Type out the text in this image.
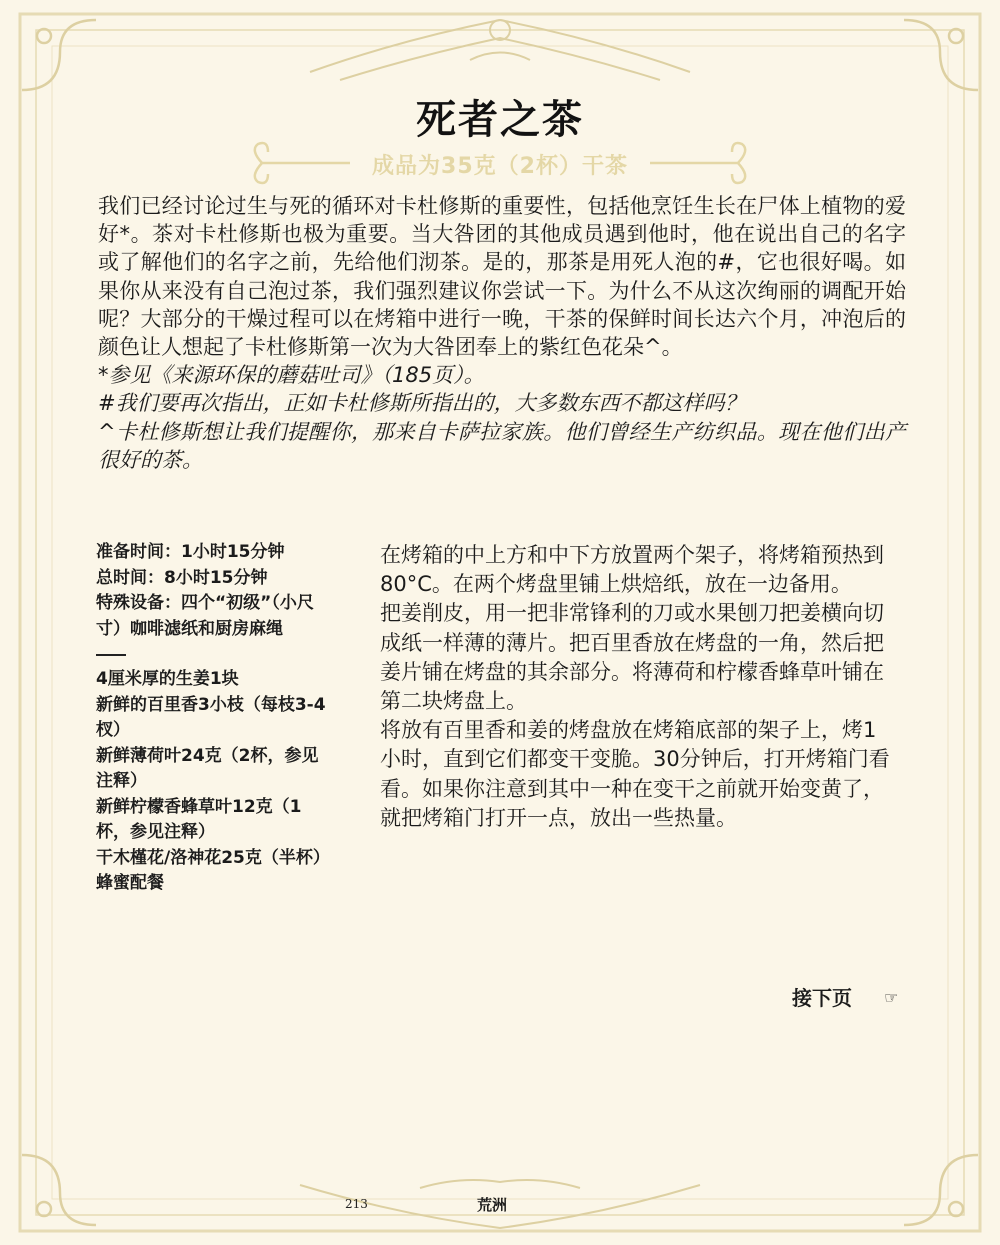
死者之茶
成品为35克（2杯）干茶

我们已经讨论过生与死的循环对卡杜修斯的重要性，包括他烹饪生长在尸体上植物的爱好*。茶对卡杜修斯也极为重要。当大咎团的其他成员遇到他时，他在说出自己的名字或了解他们的名字之前，先给他们沏茶。是的，那茶是用死人泡的#，它也很好喝。如果你从来没有自己泡过茶，我们强烈建议你尝试一下。为什么不从这次绚丽的调配开始呢？大部分的干燥过程可以在烤箱中进行一晚，干茶的保鲜时间长达六个月，冲泡后的颜色让人想起了卡杜修斯第一次为大咎团奉上的紫红色花朵^。

*参见《来源环保的蘑菇吐司》（185页）。

#我们要再次指出，正如卡杜修斯所指出的，大多数东西不都这样吗？

^卡杜修斯想让我们提醒你，那来自卡萨拉家族。他们曾经生产纺织品。现在他们出产很好的茶。

准备时间：1小时15分钟
总时间：8小时15分钟
特殊设备：四个“初级”（小尺寸）咖啡滤纸和厨房麻绳
4厘米厚的生姜1块
新鲜的百里香3小枝（每枝3-4杈）
新鲜薄荷叶24克（2杯，参见注释）
新鲜柠檬香蜂草叶12克（1杯，参见注释）
干木槿花/洛神花25克（半杯）
蜂蜜配餐

在烤箱的中上方和中下方放置两个架子，将烤箱预热到80°C。在两个烤盘里铺上烘焙纸，放在一边备用。

把姜削皮，用一把非常锋利的刀或水果刨刀把姜横向切成纸一样薄的薄片。把百里香放在烤盘的一角，然后把姜片铺在烤盘的其余部分。将薄荷和柠檬香蜂草叶铺在第二块烤盘上。

将放有百里香和姜的烤盘放在烤箱底部的架子上，烤1小时，直到它们都变干变脆。30分钟后，打开烤箱门看看。如果你注意到其中一种在变干之前就开始变黄了，就把烤箱门打开一点，放出一些热量。

接下页 ☞
213	荒洲
